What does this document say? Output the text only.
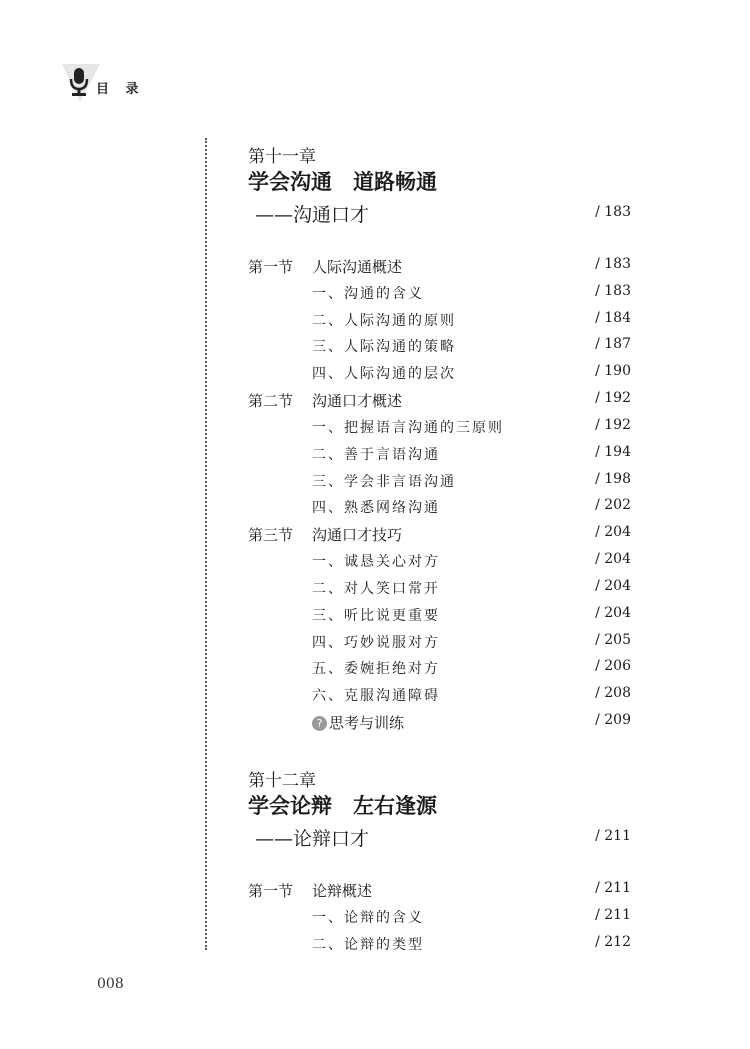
目 录
第十一章
学会沟通　道路畅通
——沟通口才	/ 183
第一节 人际沟通概述	/ 183
一、沟通的含义	/ 183
二、人际沟通的原则	/ 184
三、人际沟通的策略	/ 187
四、人际沟通的层次	/ 190
第二节 沟通口才概述	/ 192
一、把握语言沟通的三原则	/ 192
二、善于言语沟通	/ 194
三、学会非言语沟通	/ 198
四、熟悉网络沟通	/ 202
第三节 沟通口才技巧	/ 204
一、诚恳关心对方	/ 204
二、对人笑口常开	/ 204
三、听比说更重要	/ 204
四、巧妙说服对方	/ 205
五、委婉拒绝对方	/ 206
六、克服沟通障碍	/ 208
? 思考与训练	/ 209
第十二章
学会论辩　左右逢源
——论辩口才	/ 211
第一节 论辩概述	/ 211
一、论辩的含义	/ 211
二、论辩的类型	/ 212
008
